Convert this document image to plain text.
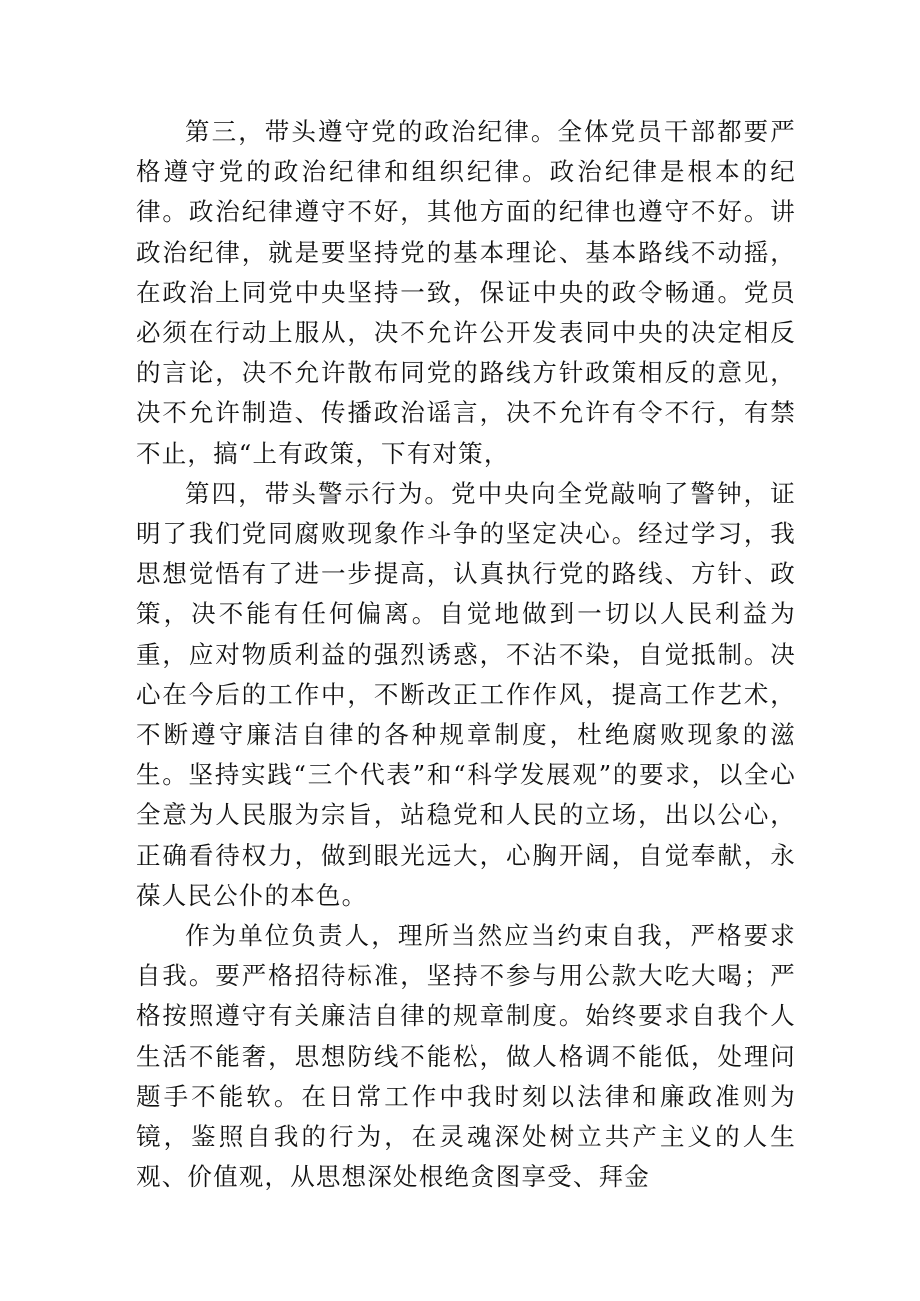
第三，带头遵守党的政治纪律。全体党员干部都要严格遵守党的政治纪律和组织纪律。政治纪律是根本的纪律。政治纪律遵守不好，其他方面的纪律也遵守不好。讲政治纪律，就是要坚持党的基本理论、基本路线不动摇，在政治上同党中央坚持一致，保证中央的政令畅通。党员必须在行动上服从，决不允许公开发表同中央的决定相反的言论，决不允许散布同党的路线方针政策相反的意见，决不允许制造、传播政治谣言，决不允许有令不行，有禁不止，搞“上有政策，下有对策，

第四，带头警示行为。党中央向全党敲响了警钟，证明了我们党同腐败现象作斗争的坚定决心。经过学习，我思想觉悟有了进一步提高，认真执行党的路线、方针、政策，决不能有任何偏离。自觉地做到一切以人民利益为重，应对物质利益的强烈诱惑，不沾不染，自觉抵制。决心在今后的工作中，不断改正工作作风，提高工作艺术，不断遵守廉洁自律的各种规章制度，杜绝腐败现象的滋生。坚持实践“三个代表”和“科学发展观”的要求，以全心全意为人民服为宗旨，站稳党和人民的立场，出以公心，正确看待权力，做到眼光远大，心胸开阔，自觉奉献，永葆人民公仆的本色。

作为单位负责人，理所当然应当约束自我，严格要求自我。要严格招待标准，坚持不参与用公款大吃大喝；严格按照遵守有关廉洁自律的规章制度。始终要求自我个人生活不能奢，思想防线不能松，做人格调不能低，处理问题手不能软。在日常工作中我时刻以法律和廉政准则为镜，鉴照自我的行为，在灵魂深处树立共产主义的人生观、价值观，从思想深处根绝贪图享受、拜金
